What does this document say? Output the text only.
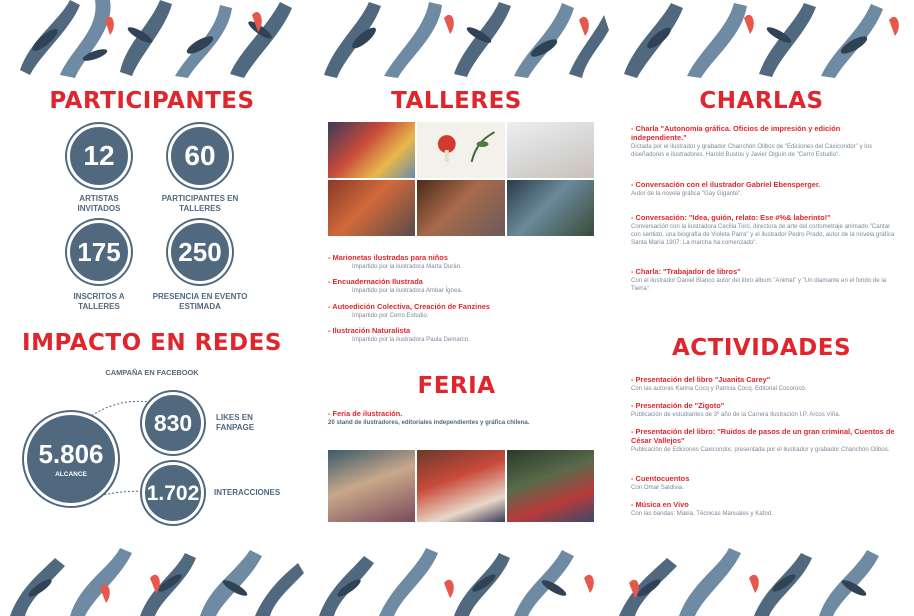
PARTICIPANTES
12
ARTISTAS INVITADOS
60
PARTICIPANTES EN TALLERES
175
INSCRITOS A TALLERES
250
PRESENCIA EN EVENTO ESTIMADA
IMPACTO EN REDES
CAMPAÑA EN FACEBOOK
5.806
ALCANCE
830	LIKES EN FANPAGE
1.702 INTERACCIONES
TALLERES
- Marionetas ilustradas para niños
Impartido por la ilustradora Marta Durán.
- Encuadernación Ilustrada
Impartido por la ilustradora Ambar Ígnea.
- Autoedición Colectiva, Creación de Fanzines
Impartido por Cerro Estudio.
- Ilustración Naturalista
Impartido por la ilustradora Paula Demarco.
FERIA
- Feria de ilustración.
20 stand de ilustradores, editoriales independientes y gráfica chilena.
CHARLAS
- Charla "Autonomía gráfica. Oficios de impresión y edición independiente."
Dictada por el ilustrador y grabador Chanchón Olibos de "Ediciones del Caxicondor" y los diseñadores e ilustradores. Harold Bustos y Javier Olguín de "Cerro Estudio".
- Conversación con el ilustrador Gabriel Ebensperger.
Autor de la novela gráfica "Gay Gigante".
- Conversación: "Idea, guión, relato: Ese #%& laberinto!"
Conversación con la ilustradora Cecilia Toro, directora de arte del cortometraje animado "Cantar con sentido, una biografía de Violeta Parra" y el ilustrador Pedro Prado, autor de la novela gráfica Santa María 1907: La marcha ha comenzado".
- Charla: "Trabajador de libros"
Con el ilustrador Daniel Blanco autor del libro álbum "Animal" y "Un diamante en el fondo de la Tierra".
ACTIVIDADES
- Presentación del libro "Juanita Carey"
Con las autoras Karina Cocq y Patricia Cocq. Editorial Cocorocó.
- Presentación de "Zigoto"
Publicación de estudiantes de 3º año de la Carrera Ilustración I.P. Arcos Viña.
- Presentación del libro: "Ruidos de pasos de un gran criminal, Cuentos de César Vallejos"
Publicación de Ediciones Caxicondor, presentada por el ilustrador y grabador Chanchón Olibos.
- Cuentocuentos
Con Omar Saldivia.
- Música en Vivo
Con las bandas: Makia, Técnicas Manuales y Kafod.
